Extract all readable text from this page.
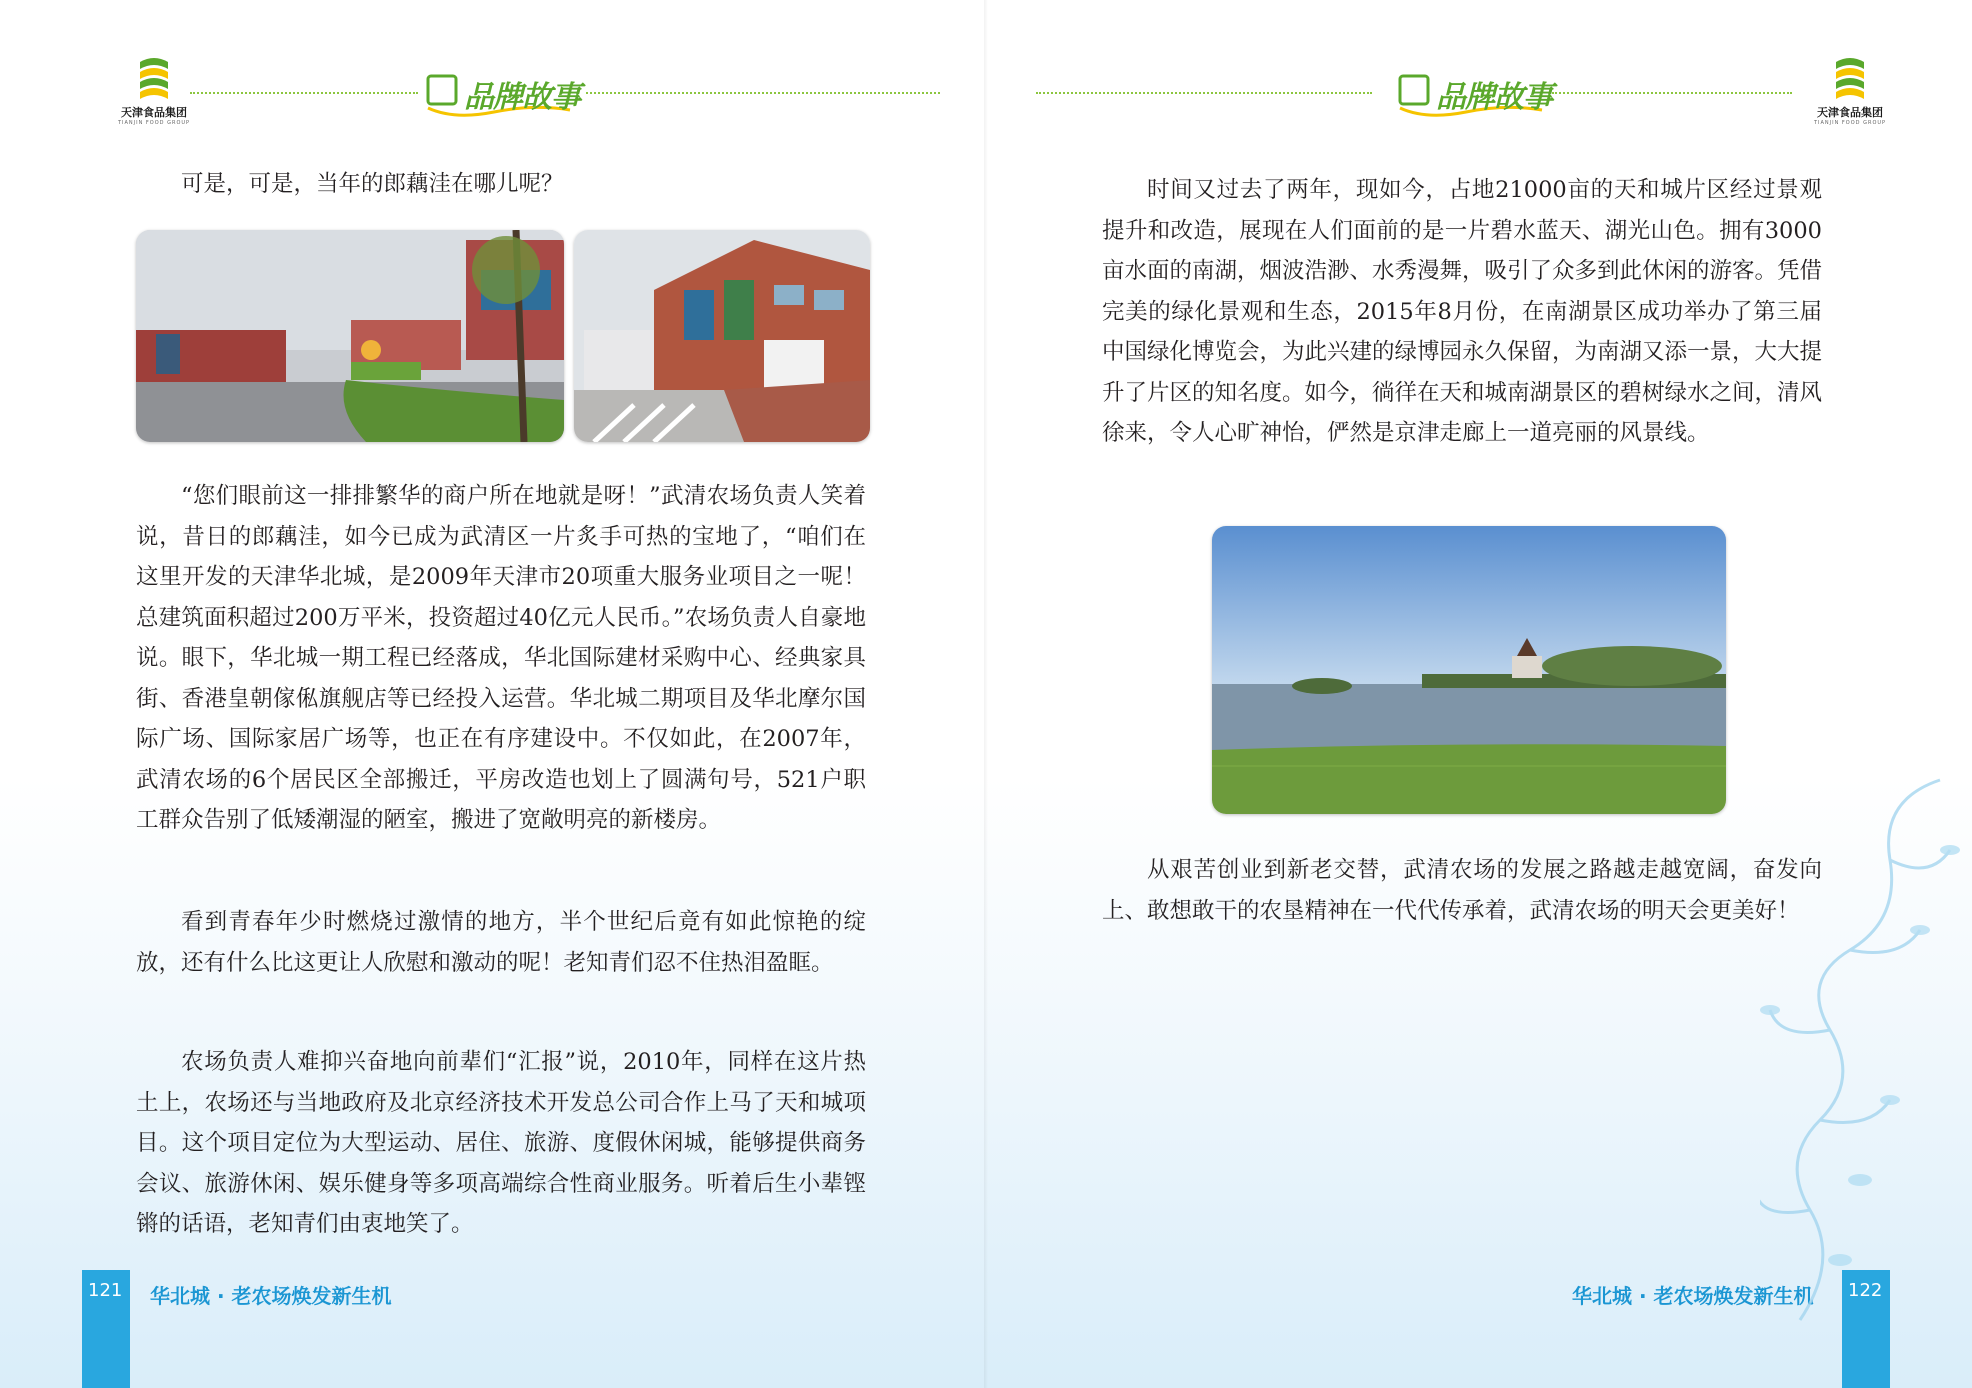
天津食品集团
TIANJIN FOOD GROUP
品牌故事

可是，可是，当年的郎藕洼在哪儿呢？

“您们眼前这一排排繁华的商户所在地就是呀！”武清农场负责人笑着说，昔日的郎藕洼，如今已成为武清区一片炙手可热的宝地了，“咱们在这里开发的天津华北城，是2009年天津市20项重大服务业项目之一呢！总建筑面积超过200万平米，投资超过40亿元人民币。”农场负责人自豪地说。眼下，华北城一期工程已经落成，华北国际建材采购中心、经典家具街、香港皇朝傢俬旗舰店等已经投入运营。华北城二期项目及华北摩尔国际广场、国际家居广场等，也正在有序建设中。不仅如此，在2007年，武清农场的6个居民区全部搬迁，平房改造也划上了圆满句号，521户职工群众告别了低矮潮湿的陋室，搬进了宽敞明亮的新楼房。

看到青春年少时燃烧过激情的地方，半个世纪后竟有如此惊艳的绽放，还有什么比这更让人欣慰和激动的呢！老知青们忍不住热泪盈眶。

农场负责人难抑兴奋地向前辈们“汇报”说，2010年，同样在这片热土上，农场还与当地政府及北京经济技术开发总公司合作上马了天和城项目。这个项目定位为大型运动、居住、旅游、度假休闲城，能够提供商务会议、旅游休闲、娱乐健身等多项高端综合性商业服务。听着后生小辈铿锵的话语，老知青们由衷地笑了。

121 华北城 · 老农场焕发新生机
品牌故事	天津食品集团
TIANJIN FOOD GROUP

时间又过去了两年，现如今，占地21000亩的天和城片区经过景观提升和改造，展现在人们面前的是一片碧水蓝天、湖光山色。拥有3000亩水面的南湖，烟波浩渺、水秀漫舞，吸引了众多到此休闲的游客。凭借完美的绿化景观和生态，2015年8月份，在南湖景区成功举办了第三届中国绿化博览会，为此兴建的绿博园永久保留，为南湖又添一景，大大提升了片区的知名度。如今，徜徉在天和城南湖景区的碧树绿水之间，清风徐来，令人心旷神怡，俨然是京津走廊上一道亮丽的风景线。

从艰苦创业到新老交替，武清农场的发展之路越走越宽阔，奋发向上、敢想敢干的农垦精神在一代代传承着，武清农场的明天会更美好！

华北城 · 老农场焕发新生机 122
